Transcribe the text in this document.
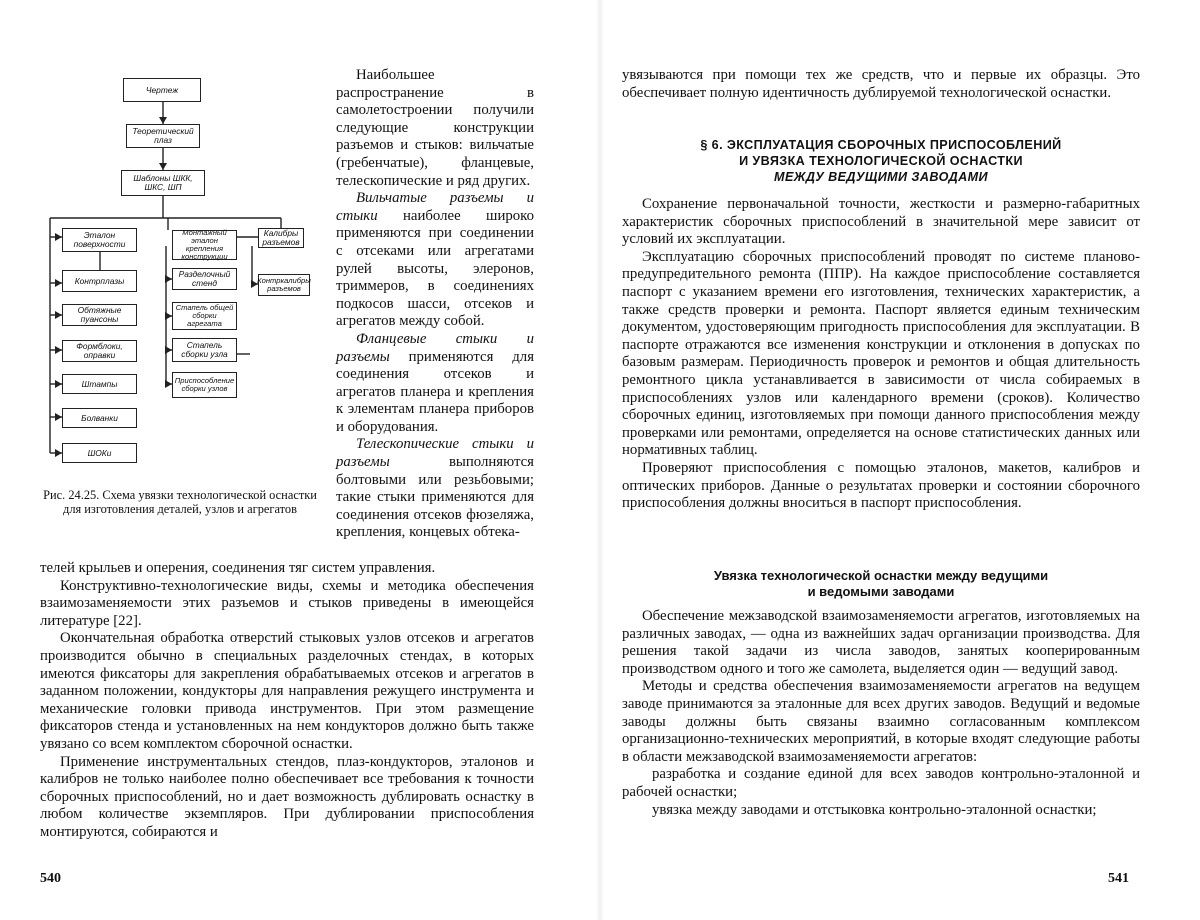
Чертеж
Теоретический плаз
Шаблоны ШКК, ШКС, ШП
Эталон поверхности
Контрплазы
Обтяжные пуансоны
Формблоки, оправки
Штампы
Болванки
ШОКи
Монтажный эталон крепления конструкции
Разделочный стенд
Стапель общей сборки агрегата
Стапель сборки узла
Приспособление сборки узлов
Калибры разъемов
Контркалибры разъемов
Рис. 24.25. Схема увязки технологической оснастки для изготовления деталей, узлов и агрегатов

Наибольшее распространение в самолетостроении получили следующие конструкции разъемов и стыков: вильчатые (гребенчатые), фланцевые, телескопические и ряд других.

Вильчатые разъемы и стыки наиболее широко применяются при соединении с отсеками или агрегатами рулей высоты, элеронов, триммеров, в соединениях подкосов шасси, отсеков и агрегатов между собой.

Фланцевые стыки и разъемы применяются для соединения отсеков и агрегатов планера и крепления к элементам планера приборов и оборудования.

Телескопические стыки и разъемы выполняются болтовыми или резьбовыми; такие стыки применяются для соединения отсеков фюзеляжа, крепления, концевых обтека-

телей крыльев и оперения, соединения тяг систем управления.

Конструктивно-технологические виды, схемы и методика обеспечения взаимозаменяемости этих разъемов и стыков приведены в имеющейся литературе [22].

Окончательная обработка отверстий стыковых узлов отсеков и агрегатов производится обычно в специальных разделочных стендах, в которых имеются фиксаторы для закрепления обрабатываемых отсеков и агрегатов в заданном положении, кондукторы для направления режущего инструмента и механические головки привода инструментов. При этом размещение фиксаторов стенда и установленных на нем кондукторов должно быть также увязано со всем комплектом сборочной оснастки.

Применение инструментальных стендов, плаз-кондукторов, эталонов и калибров не только наиболее полно обеспечивает все требования к точности сборочных приспособлений, но и дает возможность дублировать оснастку в любом количестве экземпляров. При дублировании приспособления монтируются, собираются и

540

увязываются при помощи тех же средств, что и первые их образцы. Это обеспечивает полную идентичность дублируемой технологической оснастки.

§ 6. ЭКСПЛУАТАЦИЯ СБОРОЧНЫХ ПРИСПОСОБЛЕНИЙ
И УВЯЗКА ТЕХНОЛОГИЧЕСКОЙ ОСНАСТКИ
МЕЖДУ ВЕДУЩИМИ ЗАВОДАМИ

Сохранение первоначальной точности, жесткости и размерно-габаритных характеристик сборочных приспособлений в значительной мере зависит от условий их эксплуатации.

Эксплуатацию сборочных приспособлений проводят по системе планово-предупредительного ремонта (ППР). На каждое приспособление составляется паспорт с указанием времени его изготовления, технических характеристик, а также средств проверки и ремонта. Паспорт является единым техническим документом, удостоверяющим пригодность приспособления для эксплуатации. В паспорте отражаются все изменения конструкции и отклонения в допусках по базовым размерам. Периодичность проверок и ремонтов и общая длительность ремонтного цикла устанавливается в зависимости от числа собираемых в приспособлениях узлов или календарного времени (сроков). Количество сборочных единиц, изготовляемых при помощи данного приспособления между проверками или ремонтами, определяется на основе статистических данных или нормативных таблиц.

Проверяют приспособления с помощью эталонов, макетов, калибров и оптических приборов. Данные о результатах проверки и состоянии сборочного приспособления должны вноситься в паспорт приспособления.

Увязка технологической оснастки между ведущими
и ведомыми заводами

Обеспечение межзаводской взаимозаменяемости агрегатов, изготовляемых на различных заводах, — одна из важнейших задач организации производства. Для решения такой задачи из числа заводов, занятых кооперированным производством одного и того же самолета, выделяется один — ведущий завод.

Методы и средства обеспечения взаимозаменяемости агрегатов на ведущем заводе принимаются за эталонные для всех других заводов. Ведущий и ведомые заводы должны быть связаны взаимно согласованным комплексом организационно-технических мероприятий, в которые входят следующие работы в области межзаводской взаимозаменяемости агрегатов:

разработка и создание единой для всех заводов контрольно-эталонной и рабочей оснастки;

увязка между заводами и отстыковка контрольно-эталонной оснастки;

541
